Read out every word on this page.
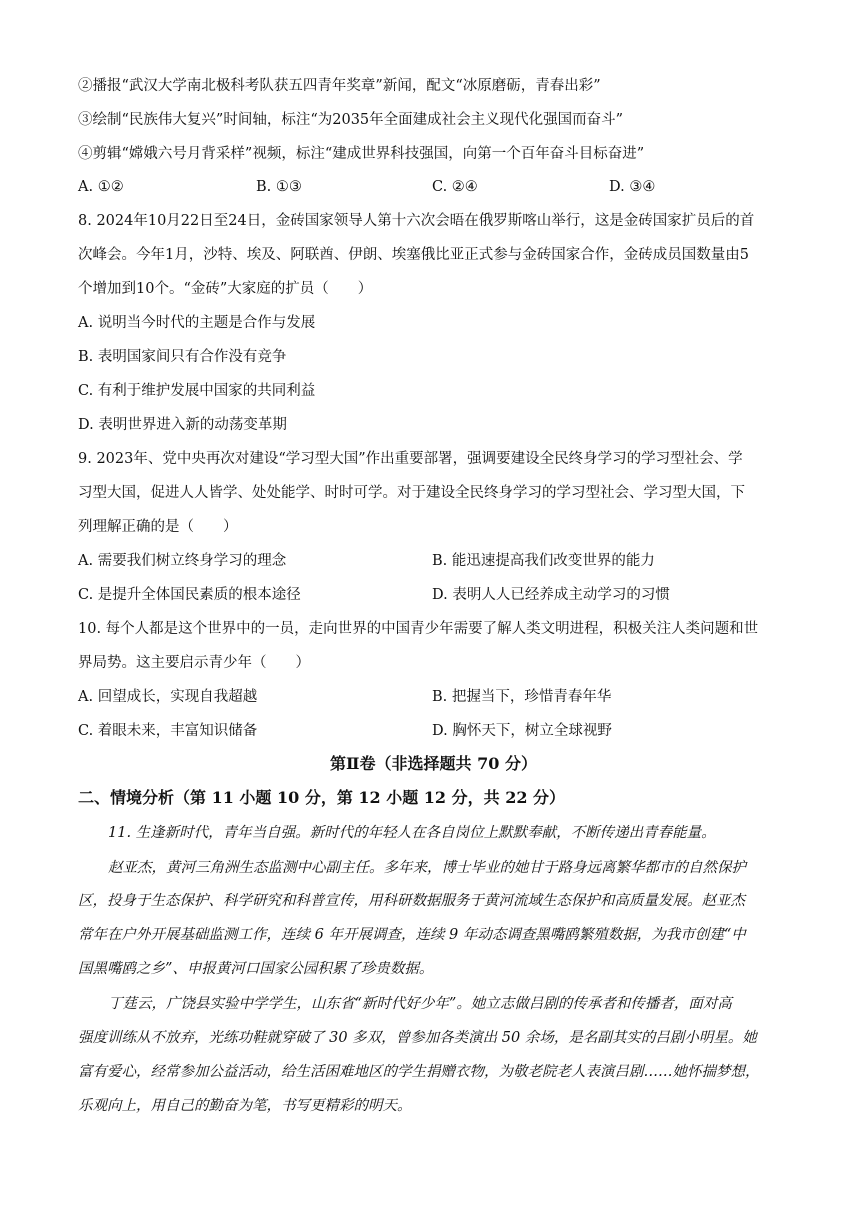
②播报“武汉大学南北极科考队获五四青年奖章”新闻，配文“冰原磨砺，青春出彩”
③绘制“民族伟大复兴”时间轴，标注“为2035年全面建成社会主义现代化强国而奋斗”
④剪辑“嫦娥六号月背采样”视频，标注“建成世界科技强国，向第一个百年奋斗目标奋进”
A. ①②	B. ①③	C. ②④	D. ③④
8. 2024年10月22日至24日，金砖国家领导人第十六次会晤在俄罗斯喀山举行，这是金砖国家扩员后的首
次峰会。今年1月，沙特、埃及、阿联酋、伊朗、埃塞俄比亚正式参与金砖国家合作，金砖成员国数量由5
个增加到10个。“金砖”大家庭的扩员（　　）
A. 说明当今时代的主题是合作与发展
B. 表明国家间只有合作没有竞争
C. 有利于维护发展中国家的共同利益
D. 表明世界进入新的动荡变革期
9. 2023年、党中央再次对建设“学习型大国”作出重要部署，强调要建设全民终身学习的学习型社会、学
习型大国，促进人人皆学、处处能学、时时可学。对于建设全民终身学习的学习型社会、学习型大国，下
列理解正确的是（　　）
A. 需要我们树立终身学习的理念	B. 能迅速提高我们改变世界的能力
C. 是提升全体国民素质的根本途径	D. 表明人人已经养成主动学习的习惯
10. 每个人都是这个世界中的一员，走向世界的中国青少年需要了解人类文明进程，积极关注人类问题和世
界局势。这主要启示青少年（　　）
A. 回望成长，实现自我超越	B. 把握当下，珍惜青春年华
C. 着眼未来，丰富知识储备	D. 胸怀天下，树立全球视野
第Ⅱ卷（非选择题共 70 分）
二、情境分析（第 11 小题 10 分，第 12 小题 12 分，共 22 分）
11. 生逢新时代，青年当自强。新时代的年轻人在各自岗位上默默奉献，不断传递出青春能量。
赵亚杰，黄河三角洲生态监测中心副主任。多年来，博士毕业的她甘于路身远离繁华都市的自然保护
区，投身于生态保护、科学研究和科普宣传，用科研数据服务于黄河流域生态保护和高质量发展。赵亚杰
常年在户外开展基础监测工作，连续 6 年开展调查，连续 9 年动态调查黑嘴鸥繁殖数据，为我市创建“中
国黑嘴鸥之乡”、申报黄河口国家公园积累了珍贵数据。
丁莛云，广饶县实验中学学生，山东省“新时代好少年”。她立志做吕剧的传承者和传播者，面对高
强度训练从不放弃，光练功鞋就穿破了 30 多双，曾参加各类演出 50 余场，是名副其实的吕剧小明星。她
富有爱心，经常参加公益活动，给生活困难地区的学生捐赠衣物，为敬老院老人表演吕剧……她怀揣梦想，
乐观向上，用自己的勤奋为笔，书写更精彩的明天。
